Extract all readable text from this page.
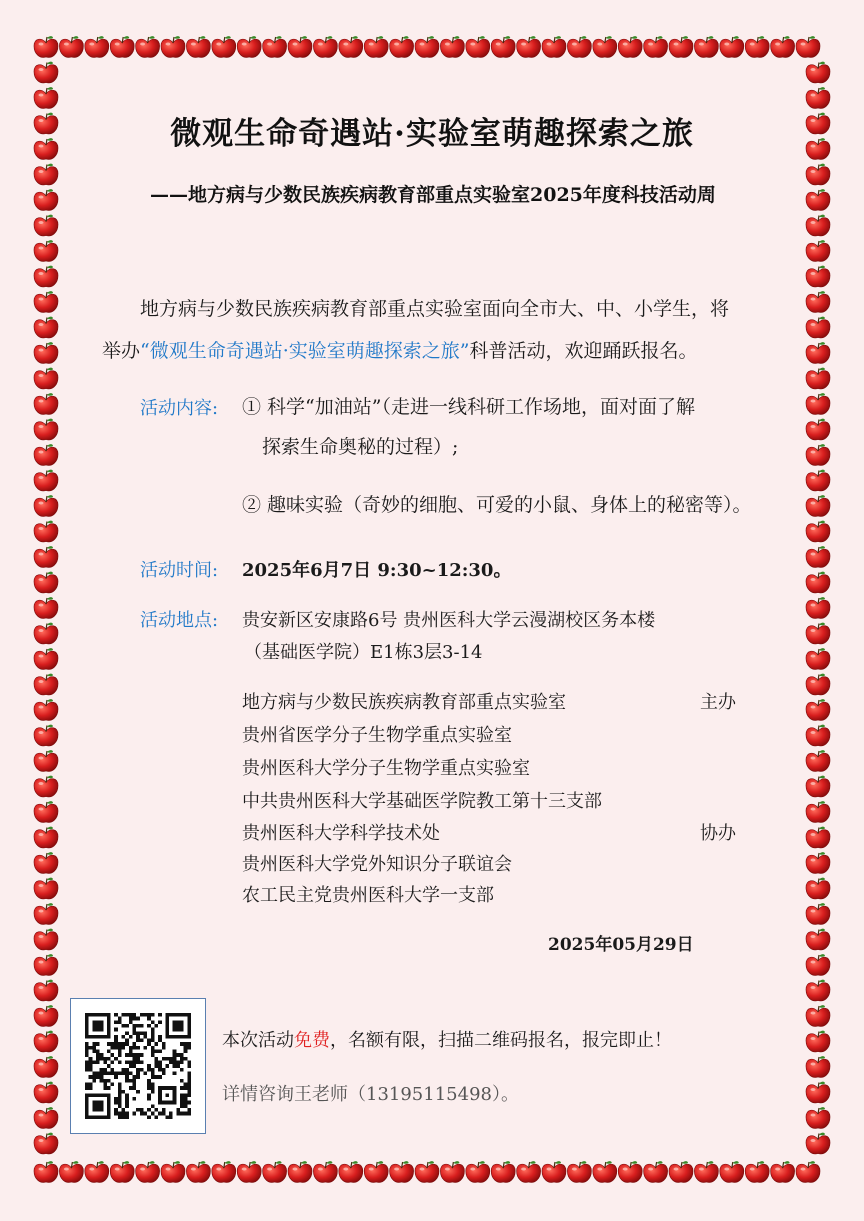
微观生命奇遇站·实验室萌趣探索之旅
——地方病与少数民族疾病教育部重点实验室2025年度科技活动周
地方病与少数民族疾病教育部重点实验室面向全市大、中、小学生，将
举办“微观生命奇遇站·实验室萌趣探索之旅”科普活动，欢迎踊跃报名。
活动内容: ① 科学“加油站”（走进一线科研工作场地，面对面了解
探索生命奥秘的过程）;
② 趣味实验（奇妙的细胞、可爱的小鼠、身体上的秘密等）。
活动时间: 2025年6月7日 9:30~12:30。
活动地点: 贵安新区安康路6号 贵州医科大学云漫湖校区务本楼
（基础医学院）E1栋3层3-14
地方病与少数民族疾病教育部重点实验室	主办
贵州省医学分子生物学重点实验室
贵州医科大学分子生物学重点实验室
中共贵州医科大学基础医学院教工第十三支部
贵州医科大学科学技术处	协办
贵州医科大学党外知识分子联谊会
农工民主党贵州医科大学一支部
2025年05月29日
本次活动免费，名额有限，扫描二维码报名，报完即止！
详情咨询王老师（13195115498）。
